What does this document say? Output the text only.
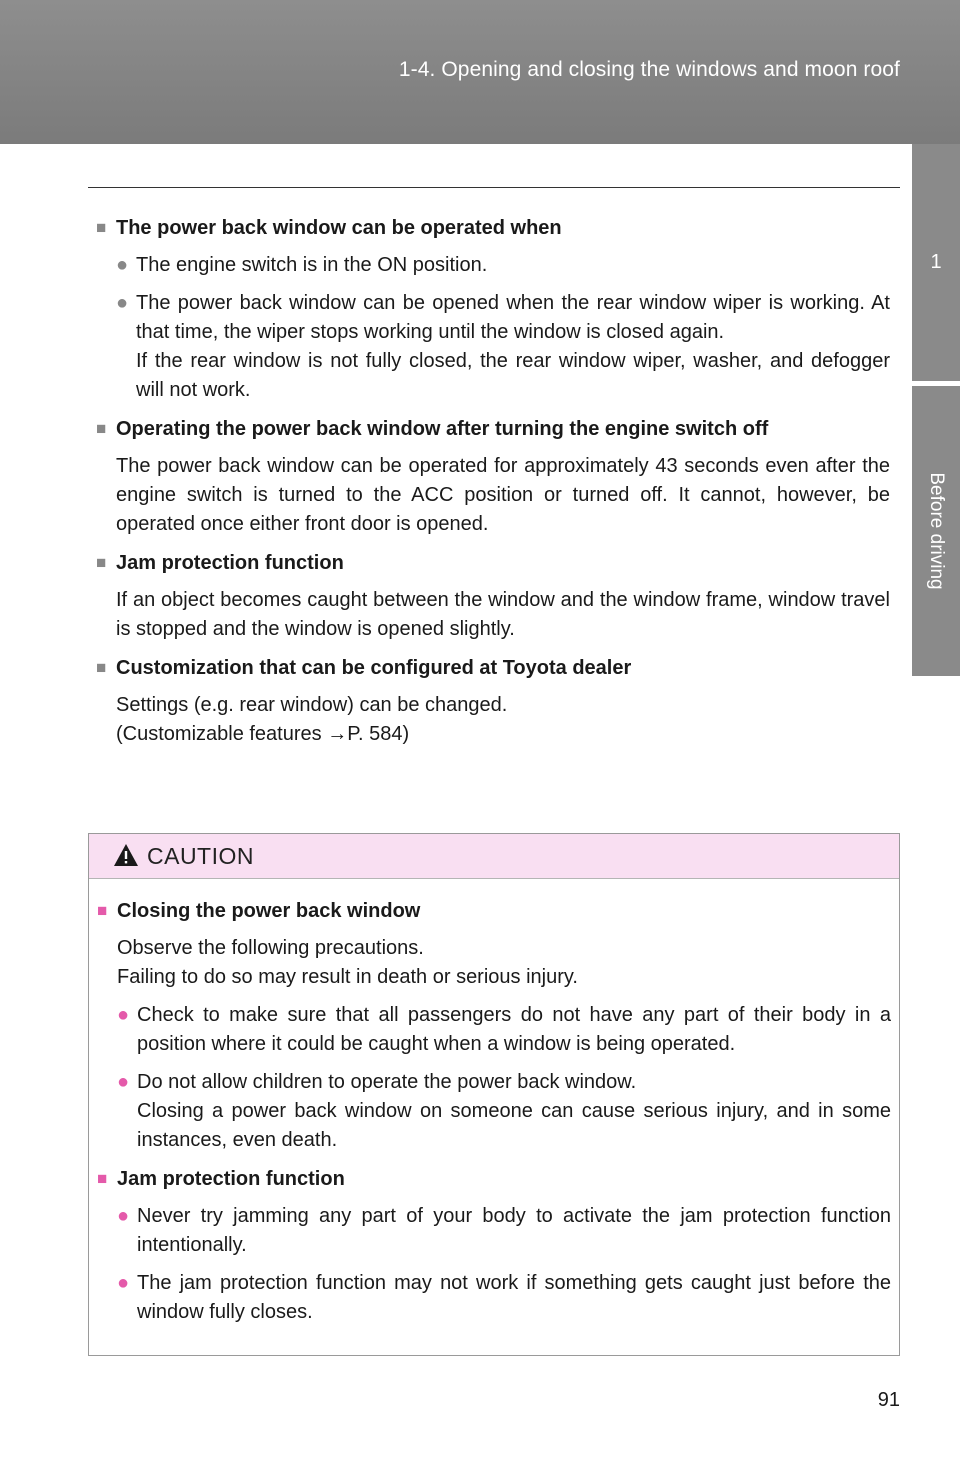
1-4. Opening and closing the windows and moon roof
1
Before driving
■ The power back window can be operated when
● The engine switch is in the ON position.
● The power back window can be opened when the rear window wiper is working. At that time, the wiper stops working until the window is closed again.
If the rear window is not fully closed, the rear window wiper, washer, and defogger will not work.
■ Operating the power back window after turning the engine switch off
The power back window can be operated for approximately 43 seconds even after the engine switch is turned to the ACC position or turned off. It cannot, however, be operated once either front door is opened.
■ Jam protection function
If an object becomes caught between the window and the window frame, window travel is stopped and the window is opened slightly.
■ Customization that can be configured at Toyota dealer
Settings (e.g. rear window) can be changed.
(Customizable features →P. 584)
CAUTION
■ Closing the power back window
Observe the following precautions.
Failing to do so may result in death or serious injury.
● Check to make sure that all passengers do not have any part of their body in a position where it could be caught when a window is being operated.
● Do not allow children to operate the power back window.
Closing a power back window on someone can cause serious injury, and in some instances, even death.
■ Jam protection function
● Never try jamming any part of your body to activate the jam protection function intentionally.
● The jam protection function may not work if something gets caught just before the window fully closes.
91
